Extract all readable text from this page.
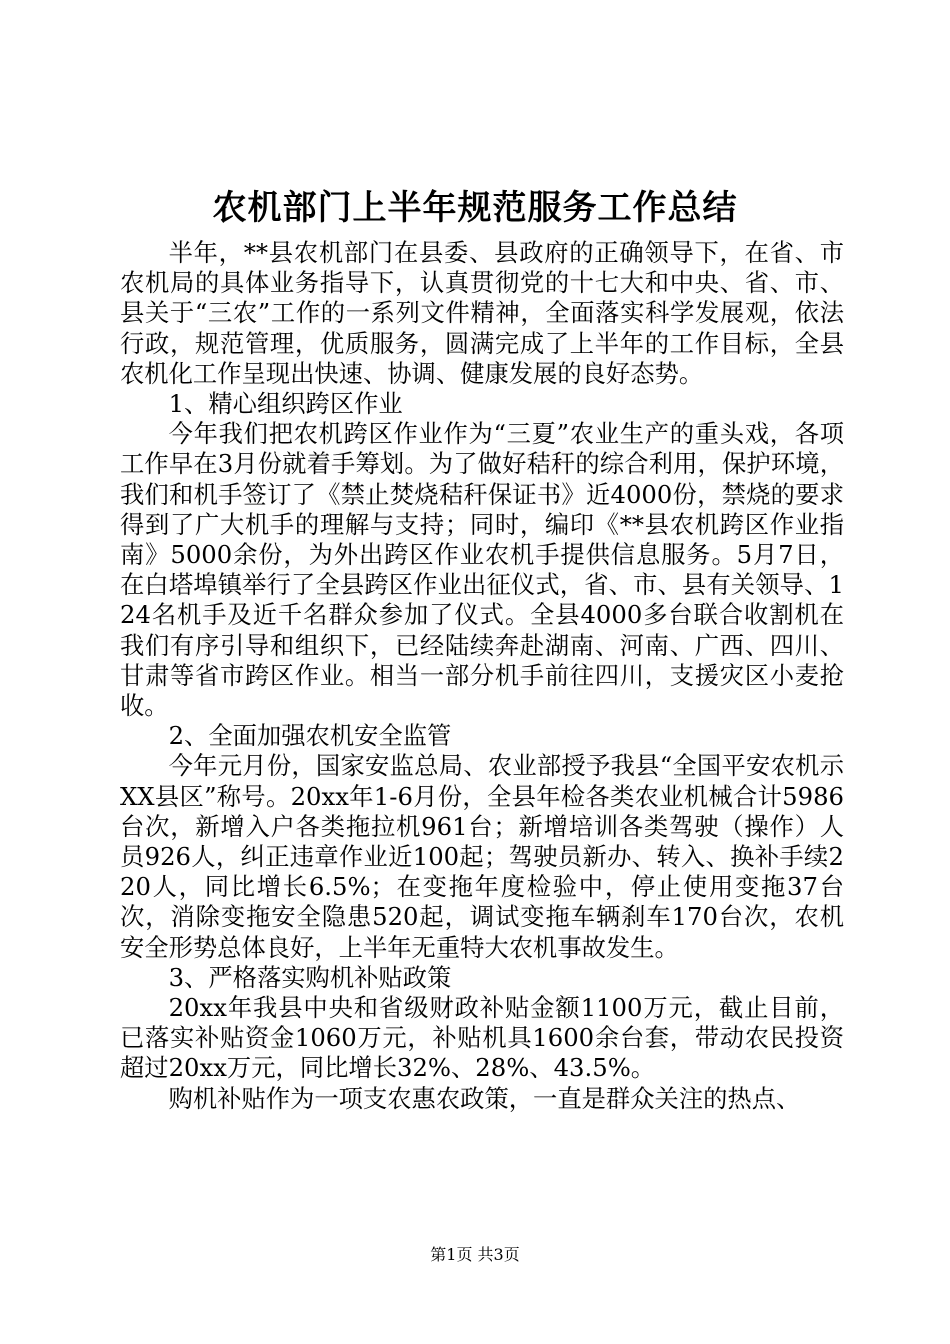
农机部门上半年规范服务工作总结

半年，**县农机部门在县委、县政府的正确领导下，在省、市农机局的具体业务指导下，认真贯彻党的十七大和中央、省、市、县关于“三农”工作的一系列文件精神，全面落实科学发展观，依法行政，规范管理，优质服务，圆满完成了上半年的工作目标，全县农机化工作呈现出快速、协调、健康发展的良好态势。

1、精心组织跨区作业

今年我们把农机跨区作业作为“三夏”农业生产的重头戏，各项工作早在3月份就着手筹划。为了做好秸秆的综合利用，保护环境，我们和机手签订了《禁止焚烧秸秆保证书》近4000份，禁烧的要求得到了广大机手的理解与支持；同时，编印《**县农机跨区作业指南》5000余份，为外出跨区作业农机手提供信息服务。5月7日，在白塔埠镇举行了全县跨区作业出征仪式，省、市、县有关领导、124名机手及近千名群众参加了仪式。全县4000多台联合收割机在我们有序引导和组织下，已经陆续奔赴湖南、河南、广西、四川、甘肃等省市跨区作业。相当一部分机手前往四川，支援灾区小麦抢收。

2、全面加强农机安全监管

今年元月份，国家安监总局、农业部授予我县“全国平安农机示XX县区”称号。20xx年1-6月份，全县年检各类农业机械合计5986台次，新增入户各类拖拉机961台；新增培训各类驾驶（操作）人员926人，纠正违章作业近100起；驾驶员新办、转入、换补手续220人，同比增长6.5%；在变拖年度检验中，停止使用变拖37台次，消除变拖安全隐患520起，调试变拖车辆刹车170台次，农机安全形势总体良好，上半年无重特大农机事故发生。

3、严格落实购机补贴政策

20xx年我县中央和省级财政补贴金额1100万元，截止目前，已落实补贴资金1060万元，补贴机具1600余台套，带动农民投资超过20xx万元，同比增长32%、28%、43.5%。

购机补贴作为一项支农惠农政策，一直是群众关注的热点、

第1页 共3页
